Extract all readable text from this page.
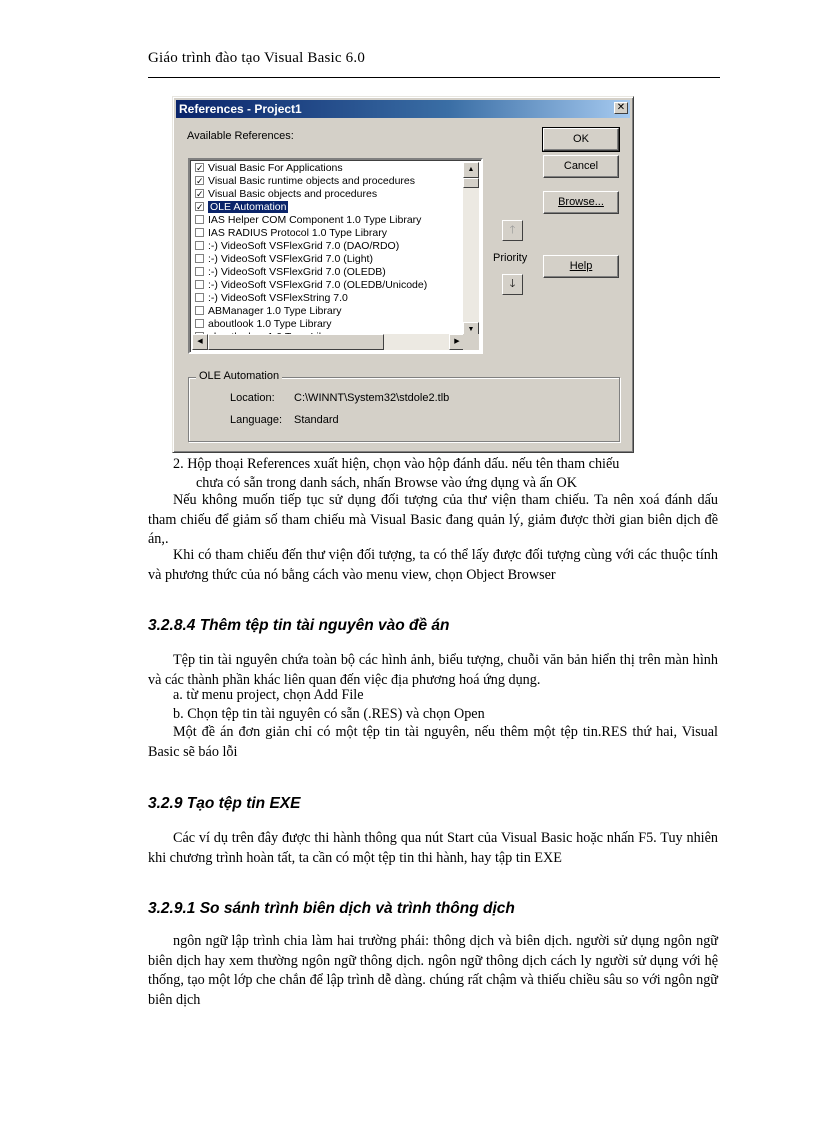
Giáo trình đào tạo Visual Basic 6.0
References - Project1	✕
Available References:
✓ Visual Basic For Applications
✓ Visual Basic runtime objects and procedures
✓ Visual Basic objects and procedures
✓ OLE Automation
IAS Helper COM Component 1.0 Type Library
IAS RADIUS Protocol 1.0 Type Library
:-) VideoSoft VSFlexGrid 7.0 (DAO/RDO)
:-) VideoSoft VSFlexGrid 7.0 (Light)
:-) VideoSoft VSFlexGrid 7.0 (OLEDB)
:-) VideoSoft VSFlexGrid 7.0 (OLEDB/Unicode)
:-) VideoSoft VSFlexString 7.0
ABManager 1.0 Type Library
aboutlook 1.0 Type Library
▲
▼
◀	▶
OK
Cancel
Browse...
Help
🡑
Priority
🡓
OLE Automation
Location: C:\WINNT\System32\stdole2.tlb
Language: Standard
2. Hộp thoại References xuất hiện, chọn vào hộp đánh dấu. nếu tên tham chiếu
chưa có sẵn trong danh sách, nhấn Browse vào ứng dụng và ấn OK
Nếu không muốn tiếp tục sử dụng đối tượng của thư viện tham chiếu. Ta nên xoá đánh dấu tham chiếu để giảm số tham chiếu mà Visual Basic đang quản lý, giảm được thời gian biên dịch đề án,.
Khi có tham chiếu đến thư viện đối tượng, ta có thể lấy được đối tượng cùng với các thuộc tính và phương thức của nó bằng cách vào menu view, chọn Object Browser
3.2.8.4 Thêm tệp tin tài nguyên vào đề án
Tệp tin tài nguyên chứa toàn bộ các hình ảnh, biểu tượng, chuỗi văn bản hiển thị trên màn hình và các thành phần khác liên quan đến việc địa phương hoá ứng dụng.
a. từ menu project, chọn Add File
b. Chọn tệp tin tài nguyên có sẵn (.RES) và chọn Open
Một đề án đơn giản chỉ có một tệp tin tài nguyên, nếu thêm một tệp tin.RES thứ hai, Visual Basic sẽ báo lỗi
3.2.9 Tạo tệp tin EXE
Các ví dụ trên đây được thi hành thông qua nút Start của Visual Basic hoặc nhấn F5. Tuy nhiên khi chương trình hoàn tất, ta cần có một tệp tin thi hành, hay tập tin EXE
3.2.9.1 So sánh trình biên dịch và trình thông dịch
ngôn ngữ lập trình chia làm hai trường phái: thông dịch và biên dịch. người sử dụng ngôn ngữ biên dịch hay xem thường ngôn ngữ thông dịch. ngôn ngữ thông dịch cách ly người sử dụng với hệ thống, tạo một lớp che chắn để lập trình dễ dàng. chúng rất chậm và thiếu chiều sâu so với ngôn ngữ biên dịch
